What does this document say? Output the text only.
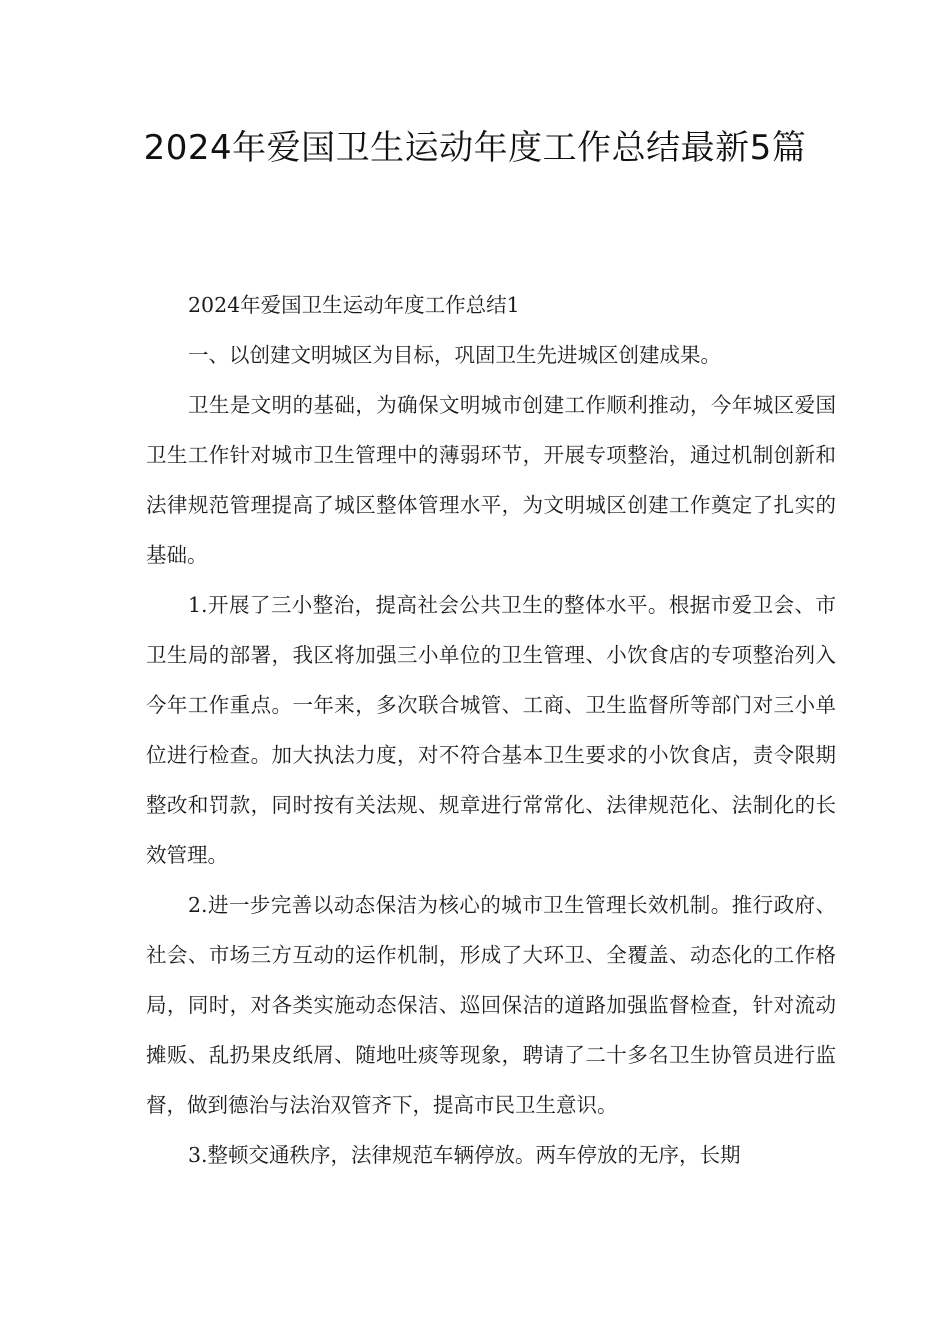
2024年爱国卫生运动年度工作总结最新5篇

2024年爱国卫生运动年度工作总结1

一、以创建文明城区为目标，巩固卫生先进城区创建成果。

卫生是文明的基础，为确保文明城市创建工作顺利推动，今年城区爱国卫生工作针对城市卫生管理中的薄弱环节，开展专项整治，通过机制创新和法律规范管理提高了城区整体管理水平，为文明城区创建工作奠定了扎实的基础。

1.开展了三小整治，提高社会公共卫生的整体水平。根据市爱卫会、市卫生局的部署，我区将加强三小单位的卫生管理、小饮食店的专项整治列入今年工作重点。一年来，多次联合城管、工商、卫生监督所等部门对三小单位进行检查。加大执法力度，对不符合基本卫生要求的小饮食店，责令限期整改和罚款，同时按有关法规、规章进行常常化、法律规范化、法制化的长效管理。

2.进一步完善以动态保洁为核心的城市卫生管理长效机制。推行政府、社会、市场三方互动的运作机制，形成了大环卫、全覆盖、动态化的工作格局，同时，对各类实施动态保洁、巡回保洁的道路加强监督检查，针对流动摊贩、乱扔果皮纸屑、随地吐痰等现象，聘请了二十多名卫生协管员进行监督，做到德治与法治双管齐下，提高市民卫生意识。

3.整顿交通秩序，法律规范车辆停放。两车停放的无序，长期
